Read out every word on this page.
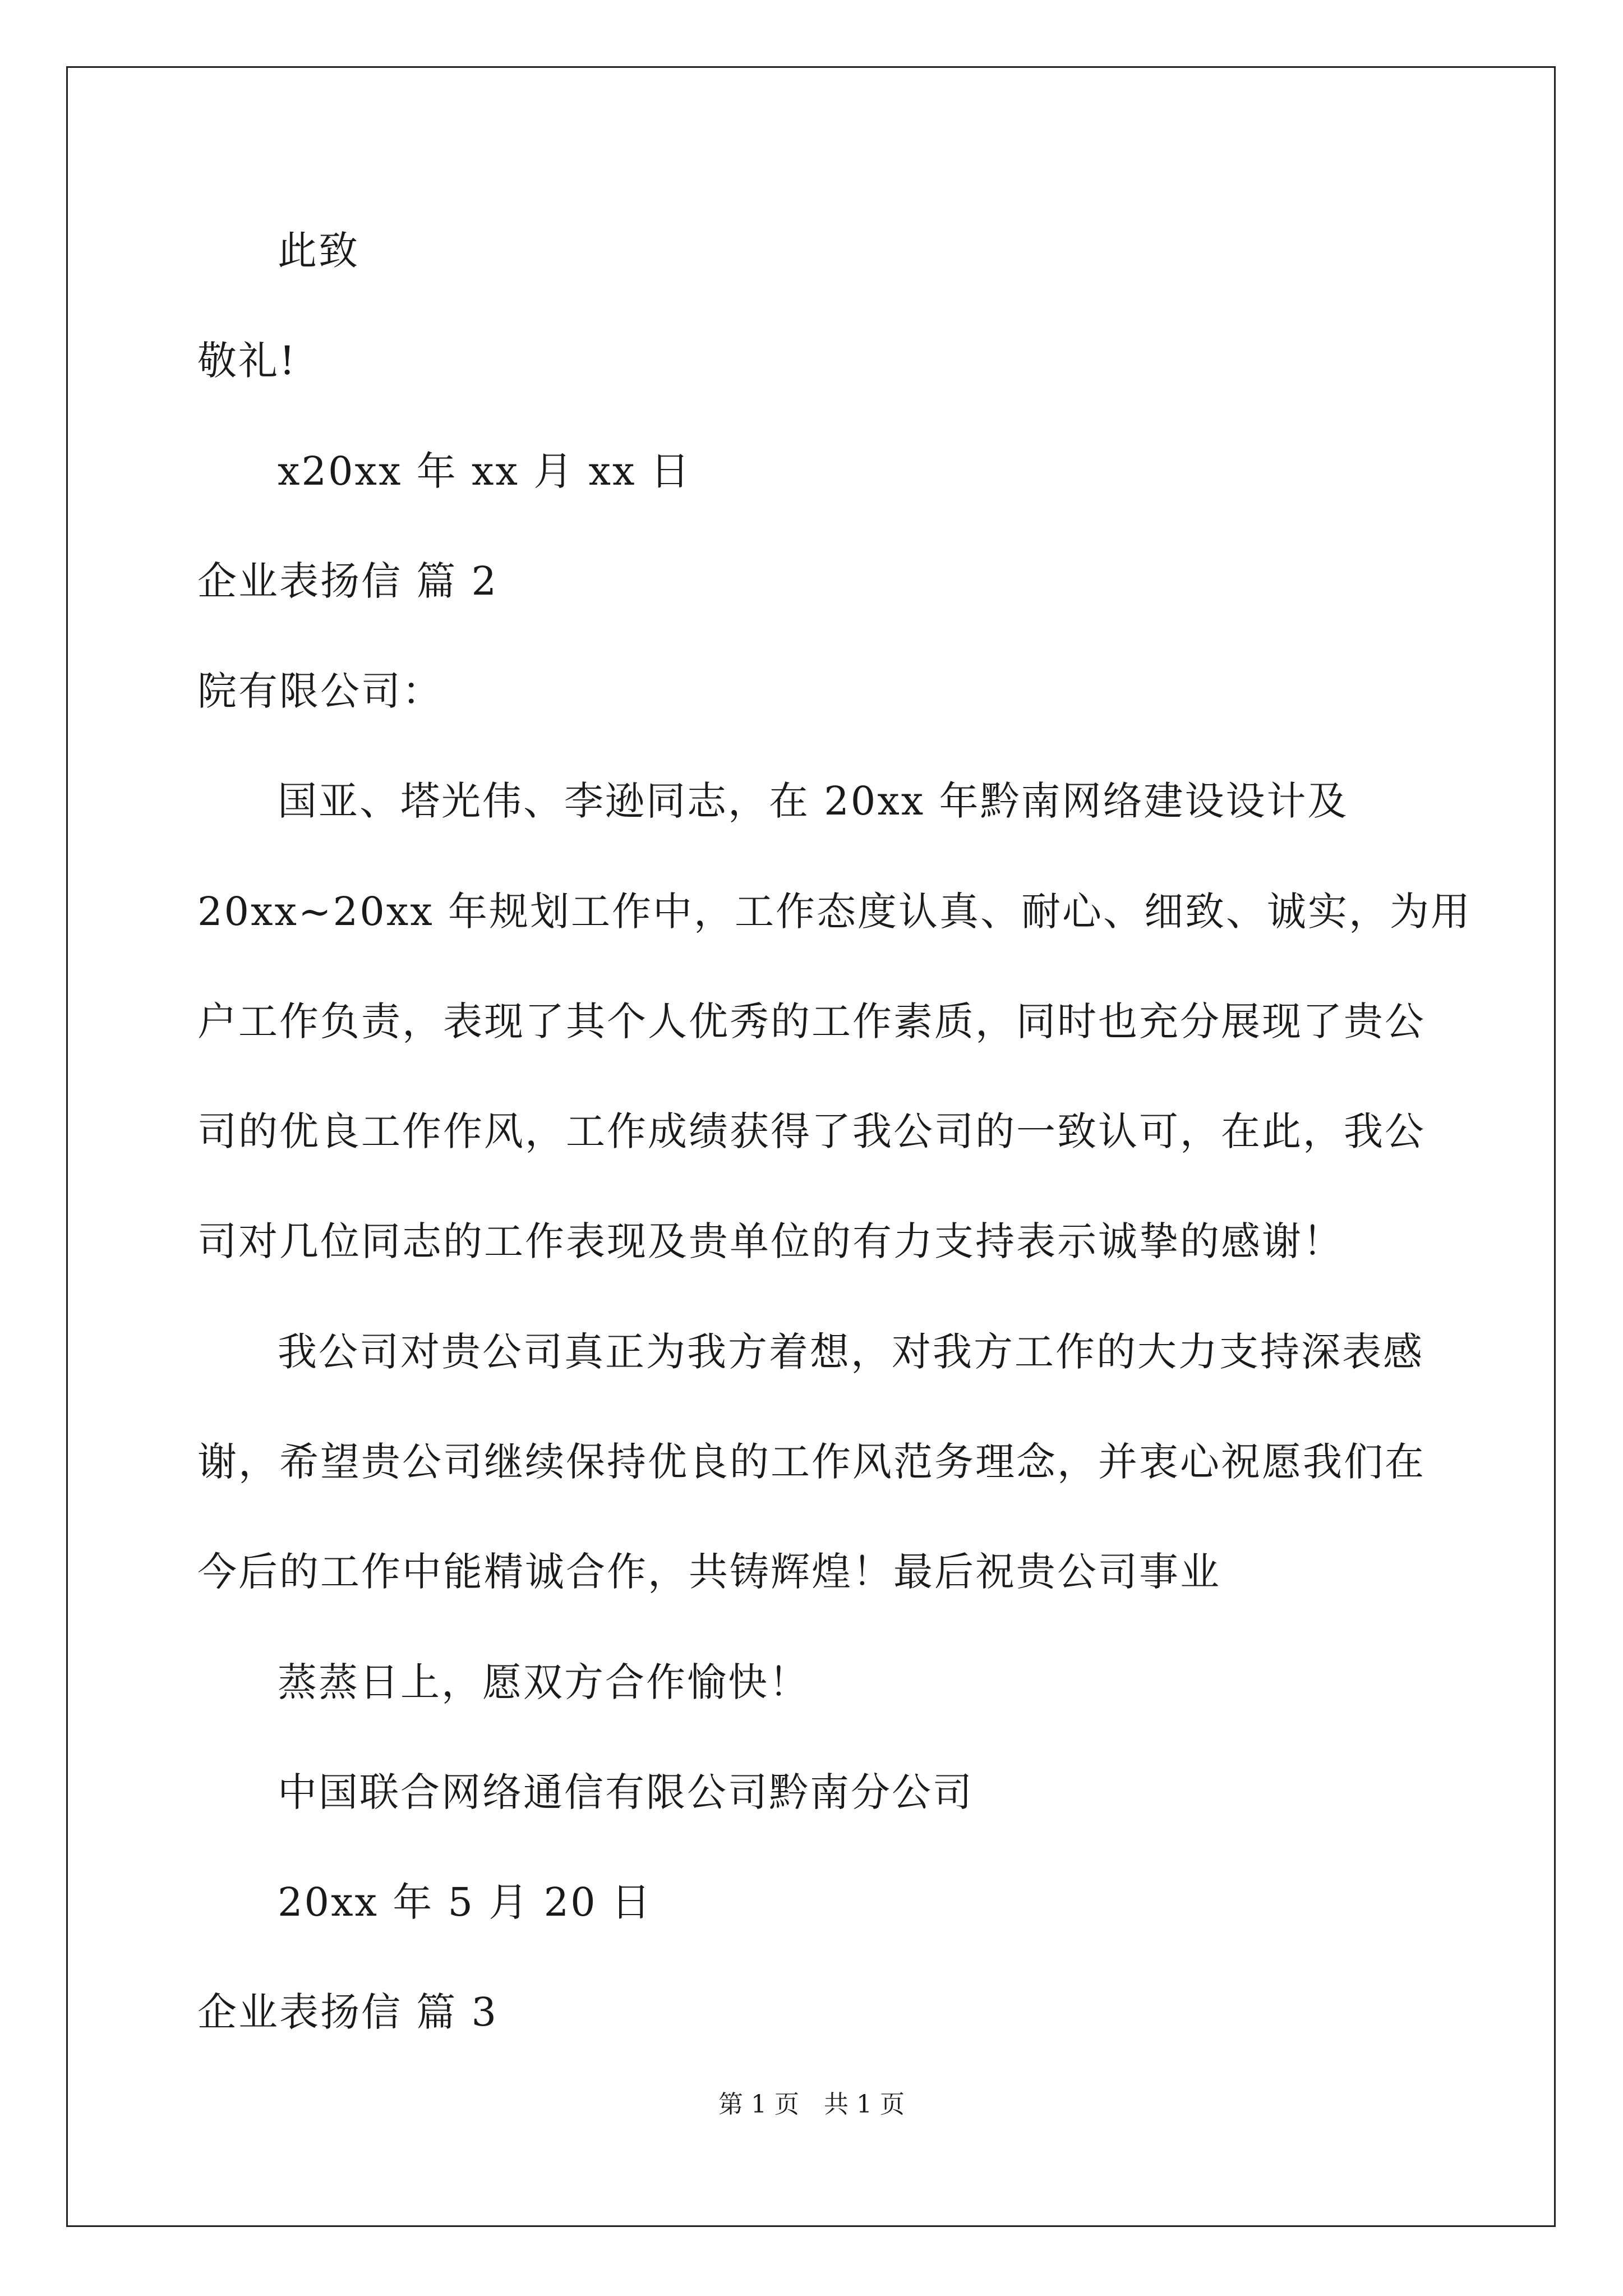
此致
敬礼!
x20xx 年 xx 月 xx 日
企业表扬信 篇 2
院有限公司：
国亚、塔光伟、李逊同志，在 20xx 年黔南网络建设设计及
20xx~20xx 年规划工作中，工作态度认真、耐心、细致、诚实，为用
户工作负责，表现了其个人优秀的工作素质，同时也充分展现了贵公
司的优良工作作风，工作成绩获得了我公司的一致认可，在此，我公
司对几位同志的工作表现及贵单位的有力支持表示诚挚的感谢！
我公司对贵公司真正为我方着想，对我方工作的大力支持深表感
谢，希望贵公司继续保持优良的工作风范务理念，并衷心祝愿我们在
今后的工作中能精诚合作，共铸辉煌！最后祝贵公司事业
蒸蒸日上，愿双方合作愉快！
中国联合网络通信有限公司黔南分公司
20xx 年 5 月 20 日
企业表扬信 篇 3
第 1 页　共 1 页
